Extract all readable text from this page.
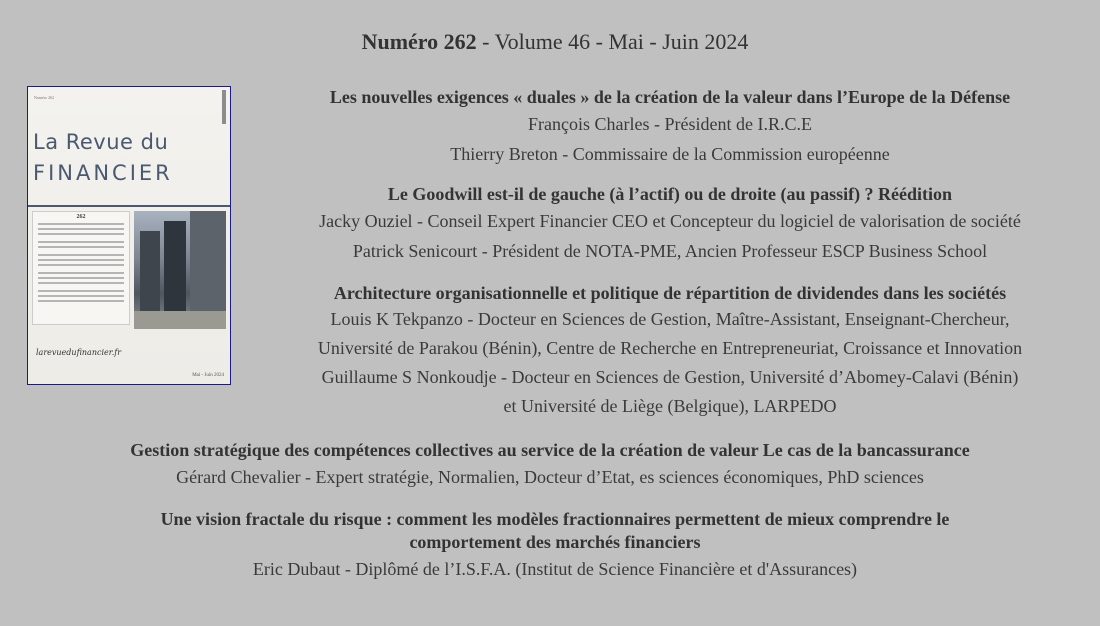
Numéro 262 - Volume 46 - Mai - Juin 2024
Numéro 262
La Revue du
FINANCIER
262
larevuedufinancier.fr
Mai - Juin 2024
Les nouvelles exigences « duales » de la création de la valeur dans l’Europe de la Défense
François Charles - Président de I.R.C.E
Thierry Breton - Commissaire de la Commission européenne
Le Goodwill est-il de gauche (à l’actif) ou de droite (au passif) ? Réédition
Jacky Ouziel - Conseil Expert Financier CEO et Concepteur du logiciel de valorisation de société
Patrick Senicourt - Président de NOTA-PME, Ancien Professeur ESCP Business School
Architecture organisationnelle et politique de répartition de dividendes dans les sociétés
Louis K Tekpanzo - Docteur en Sciences de Gestion, Maître-Assistant, Enseignant-Chercheur,
Université de Parakou (Bénin), Centre de Recherche en Entrepreneuriat, Croissance et Innovation
Guillaume S Nonkoudje - Docteur en Sciences de Gestion, Université d’Abomey-Calavi (Bénin)
et Université de Liège (Belgique), LARPEDO
Gestion stratégique des compétences collectives au service de la création de valeur Le cas de la bancassurance
Gérard Chevalier - Expert stratégie, Normalien, Docteur d’Etat, es sciences économiques, PhD sciences
Une vision fractale du risque : comment les modèles fractionnaires permettent de mieux comprendre le
comportement des marchés financiers
Eric Dubaut - Diplômé de l’I.S.F.A. (Institut de Science Financière et d'Assurances)
